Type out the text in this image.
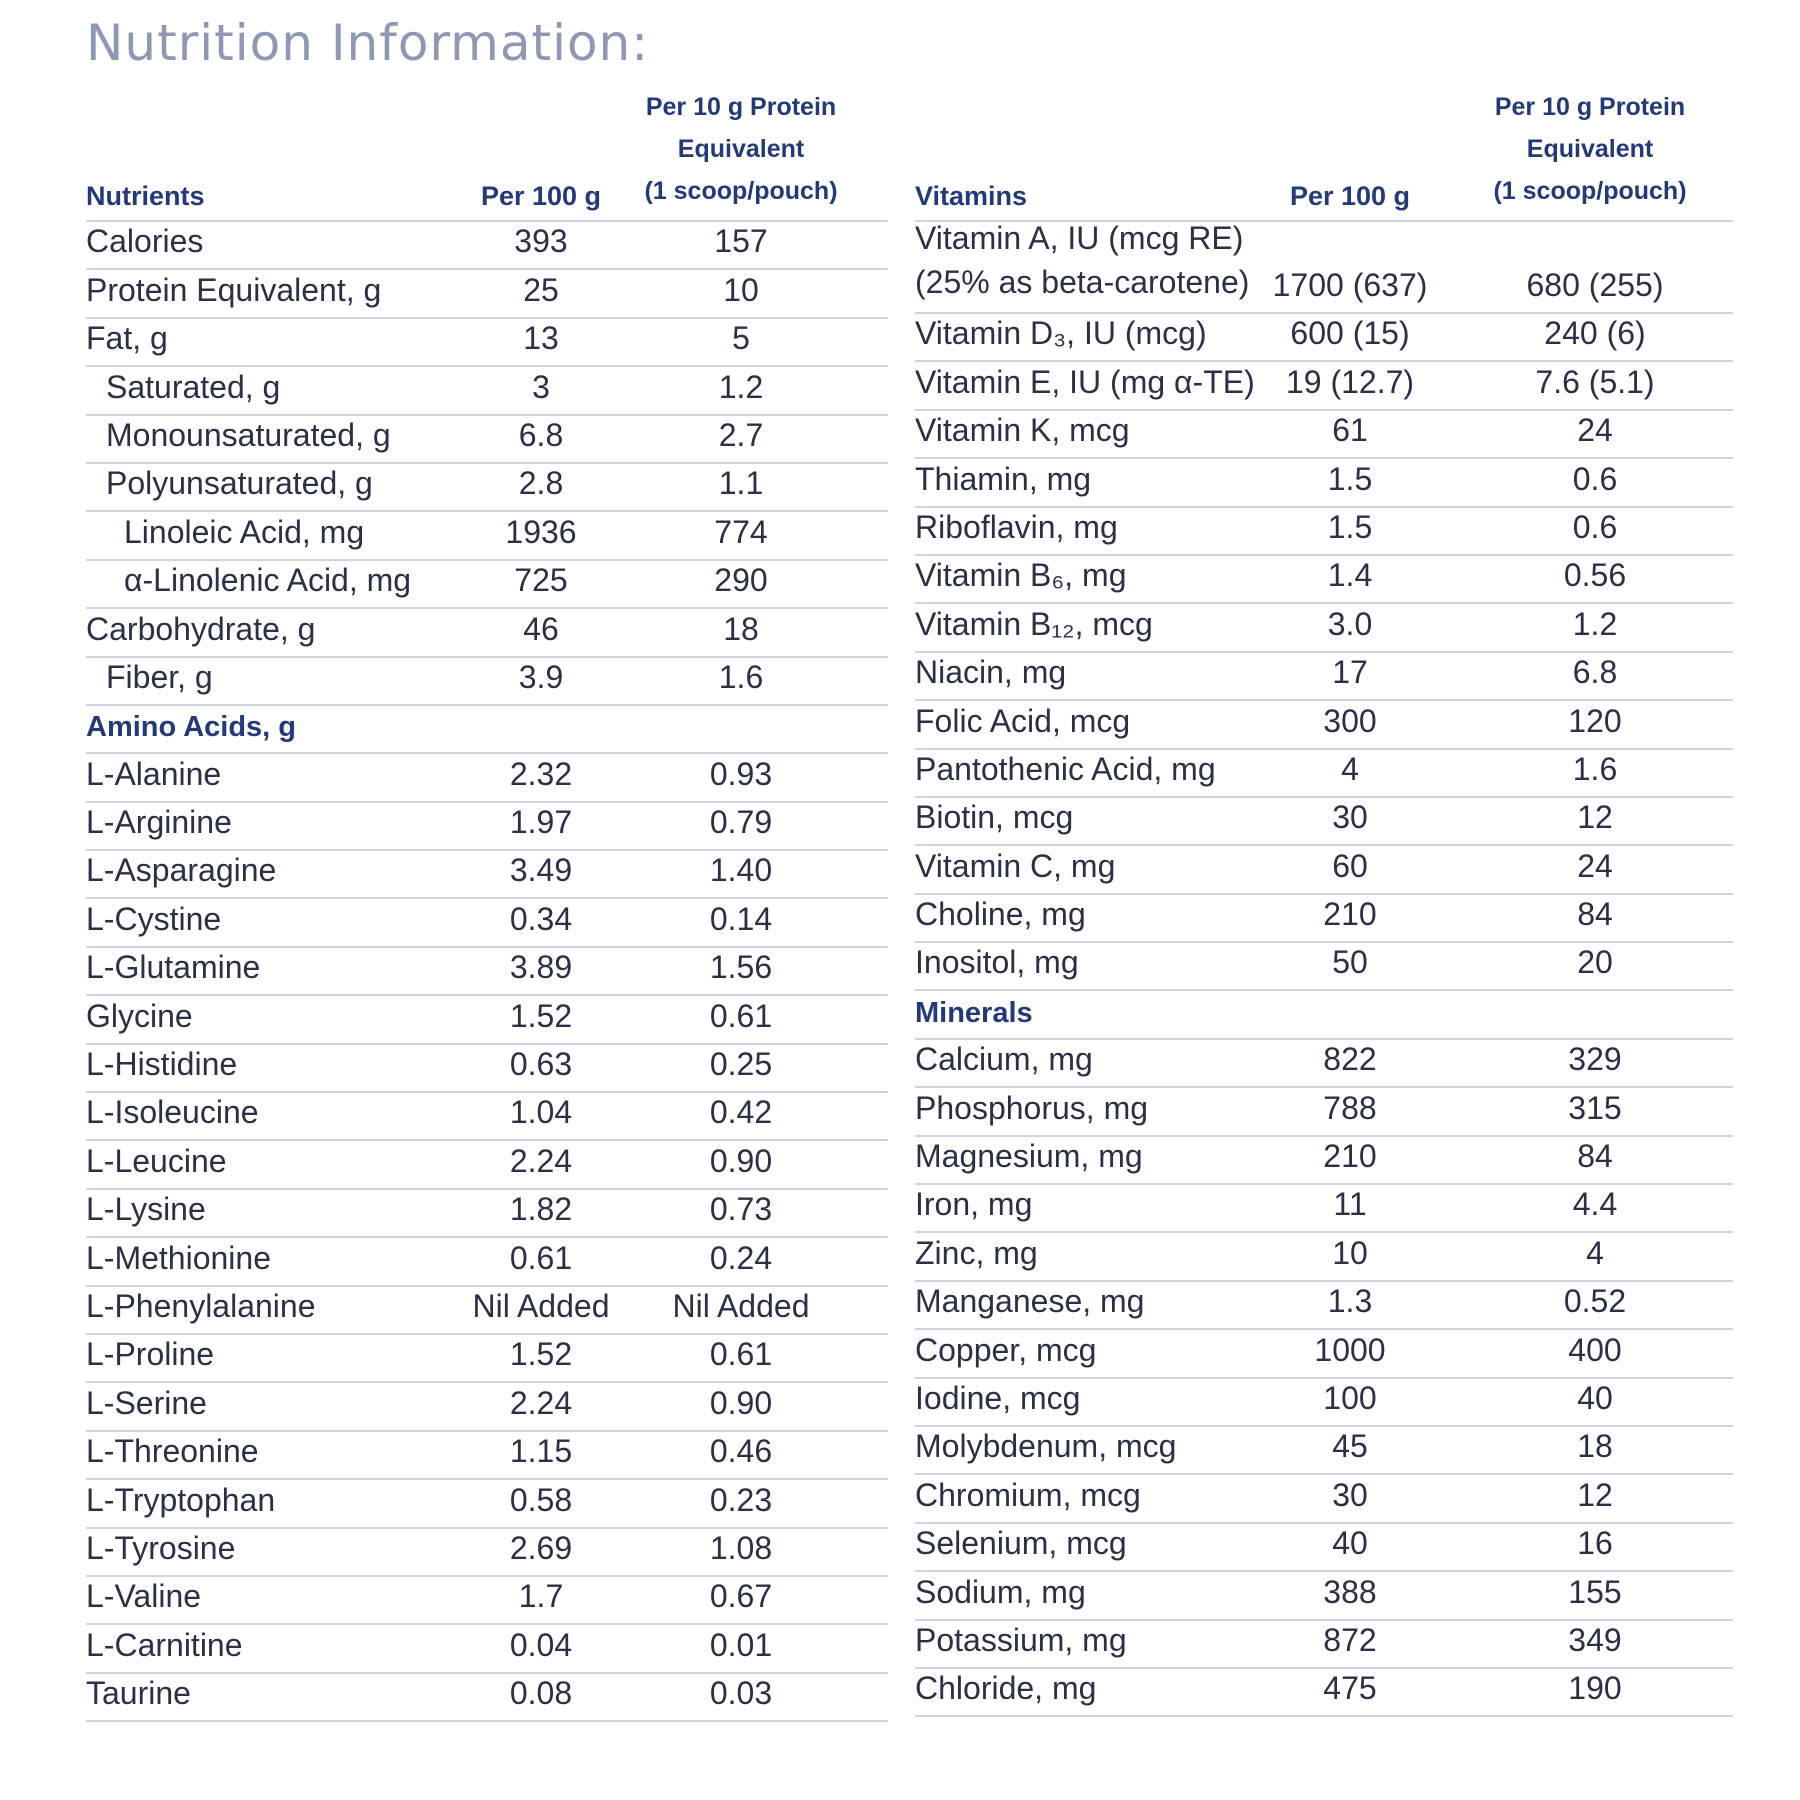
Nutrition Information:
Nutrients	Per 100 g
Per 10 g Protein
Equivalent
(1 scoop/pouch)
Calories	393	157
Protein Equivalent, g	25	10
Fat, g	13	5
Saturated, g	3	1.2
Monounsaturated, g	6.8	2.7
Polyunsaturated, g	2.8	1.1
Linoleic Acid, mg	1936	774
α-Linolenic Acid, mg	725	290
Carbohydrate, g	46	18
Fiber, g	3.9	1.6
Amino Acids, g
L-Alanine	2.32	0.93
L-Arginine	1.97	0.79
L-Asparagine	3.49	1.40
L-Cystine	0.34	0.14
L-Glutamine	3.89	1.56
Glycine	1.52	0.61
L-Histidine	0.63	0.25
L-Isoleucine	1.04	0.42
L-Leucine	2.24	0.90
L-Lysine	1.82	0.73
L-Methionine	0.61	0.24
L-Phenylalanine	Nil Added	Nil Added
L-Proline	1.52	0.61
L-Serine	2.24	0.90
L-Threonine	1.15	0.46
L-Tryptophan	0.58	0.23
L-Tyrosine	2.69	1.08
L-Valine	1.7	0.67
L-Carnitine	0.04	0.01
Taurine	0.08	0.03
Vitamins	Per 100 g
Per 10 g Protein
Equivalent
(1 scoop/pouch)
Vitamin A, IU (mcg RE) (25% as beta-carotene) 1700 (637)	680 (255)
Vitamin D₃, IU (mcg)	600 (15)	240 (6)
Vitamin E, IU (mg α-TE) 19 (12.7)	7.6 (5.1)
Vitamin K, mcg	61	24
Thiamin, mg	1.5	0.6
Riboflavin, mg	1.5	0.6
Vitamin B₆, mg	1.4	0.56
Vitamin B₁₂, mcg	3.0	1.2
Niacin, mg	17	6.8
Folic Acid, mcg	300	120
Pantothenic Acid, mg	4	1.6
Biotin, mcg	30	12
Vitamin C, mg	60	24
Choline, mg	210	84
Inositol, mg	50	20
Minerals
Calcium, mg	822	329
Phosphorus, mg	788	315
Magnesium, mg	210	84
Iron, mg	11	4.4
Zinc, mg	10	4
Manganese, mg	1.3	0.52
Copper, mcg	1000	400
Iodine, mcg	100	40
Molybdenum, mcg	45	18
Chromium, mcg	30	12
Selenium, mcg	40	16
Sodium, mg	388	155
Potassium, mg	872	349
Chloride, mg	475	190
